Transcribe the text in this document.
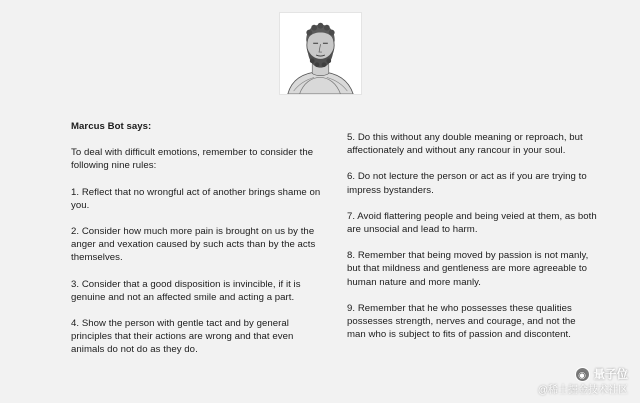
Marcus Bot says:
To deal with difficult emotions, remember to consider the following nine rules:
1. Reflect that no wrongful act of another brings shame on you.
2. Consider how much more pain is brought on us by the anger and vexation caused by such acts than by the acts themselves.
3. Consider that a good disposition is invincible, if it is genuine and not an affected smile and acting a part.
4. Show the person with gentle tact and by general principles that their actions are wrong and that even animals do not do as they do.
5. Do this without any double meaning or reproach, but affectionately and without any rancour in your soul.
6. Do not lecture the person or act as if you are trying to impress bystanders.
7. Avoid flattering people and being veied at them, as both are unsocial and lead to harm.
8. Remember that being moved by passion is not manly, but that mildness and gentleness are more agreeable to human nature and more manly.
9. Remember that he who possesses these qualities possesses strength, nerves and courage, and not the man who is subject to fits of passion and discontent.
◉ 量子位
@稀土掘金技术社区
